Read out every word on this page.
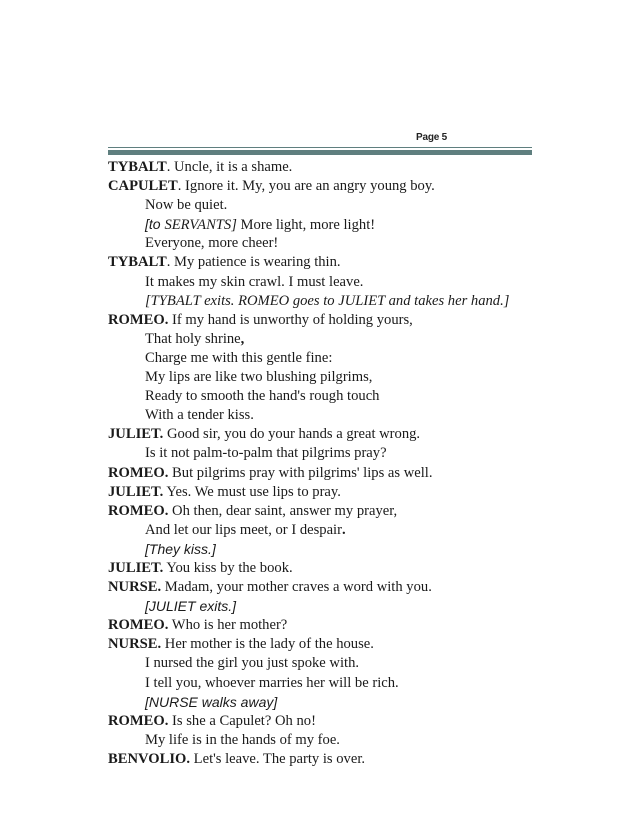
Page 5
TYBALT. Uncle, it is a shame.
CAPULET. Ignore it. My, you are an angry young boy.
Now be quiet.
[to SERVANTS] More light, more light!
Everyone, more cheer!
TYBALT. My patience is wearing thin.
It makes my skin crawl. I must leave.
[TYBALT exits. ROMEO goes to JULIET and takes her hand.]
ROMEO. If my hand is unworthy of holding yours,
That holy shrine,
Charge me with this gentle fine:
My lips are like two blushing pilgrims,
Ready to smooth the hand's rough touch
With a tender kiss.
JULIET. Good sir, you do your hands a great wrong.
Is it not palm-to-palm that pilgrims pray?
ROMEO. But pilgrims pray with pilgrims' lips as well.
JULIET. Yes. We must use lips to pray.
ROMEO. Oh then, dear saint, answer my prayer,
And let our lips meet, or I despair.
[They kiss.]
JULIET. You kiss by the book.
NURSE. Madam, your mother craves a word with you.
[JULIET exits.]
ROMEO. Who is her mother?
NURSE. Her mother is the lady of the house.
I nursed the girl you just spoke with.
I tell you, whoever marries her will be rich.
[NURSE walks away]
ROMEO. Is she a Capulet? Oh no!
My life is in the hands of my foe.
BENVOLIO. Let's leave. The party is over.
